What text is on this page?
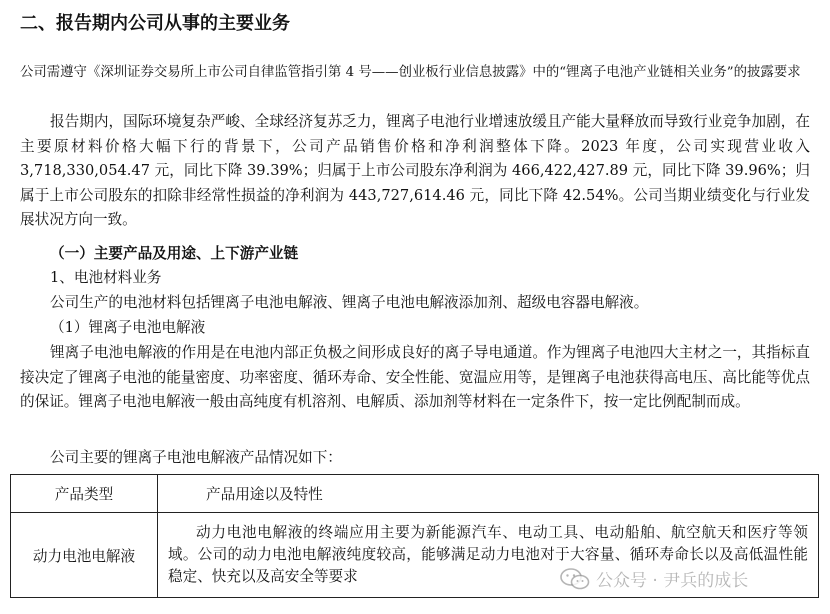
二、报告期内公司从事的主要业务
公司需遵守《深圳证券交易所上市公司自律监管指引第 4 号——创业板行业信息披露》中的“锂离子电池产业链相关业务”的披露要求
报告期内，国际环境复杂严峻、全球经济复苏乏力，锂离子电池行业增速放缓且产能大量释放而导致行业竞争加剧，在主要原材料价格大幅下行的背景下，公司产品销售价格和净利润整体下降。2023 年度，公司实现营业收入 3,718,330,054.47 元，同比下降 39.39%；归属于上市公司股东净利润为 466,422,427.89 元，同比下降 39.96%；归属于上市公司股东的扣除非经常性损益的净利润为 443,727,614.46 元，同比下降 42.54%。公司当期业绩变化与行业发展状况方向一致。
（一）主要产品及用途、上下游产业链
1、电池材料业务
公司生产的电池材料包括锂离子电池电解液、锂离子电池电解液添加剂、超级电容器电解液。
（1）锂离子电池电解液
锂离子电池电解液的作用是在电池内部正负极之间形成良好的离子导电通道。作为锂离子电池四大主材之一，其指标直接决定了锂离子电池的能量密度、功率密度、循环寿命、安全性能、宽温应用等，是锂离子电池获得高电压、高比能等优点的保证。锂离子电池电解液一般由高纯度有机溶剂、电解质、添加剂等材料在一定条件下，按一定比例配制而成。
公司主要的锂离子电池电解液产品情况如下：
产品类型	产品用途以及特性
动力电池电解液	动力电池电解液的终端应用主要为新能源汽车、电动工具、电动船舶、航空航天和医疗等领域。公司的动力电池电解液纯度较高，能够满足动力电池对于大容量、循环寿命长以及高低温性能稳定、快充以及高安全等要求	公众号 · 尹兵的成长
